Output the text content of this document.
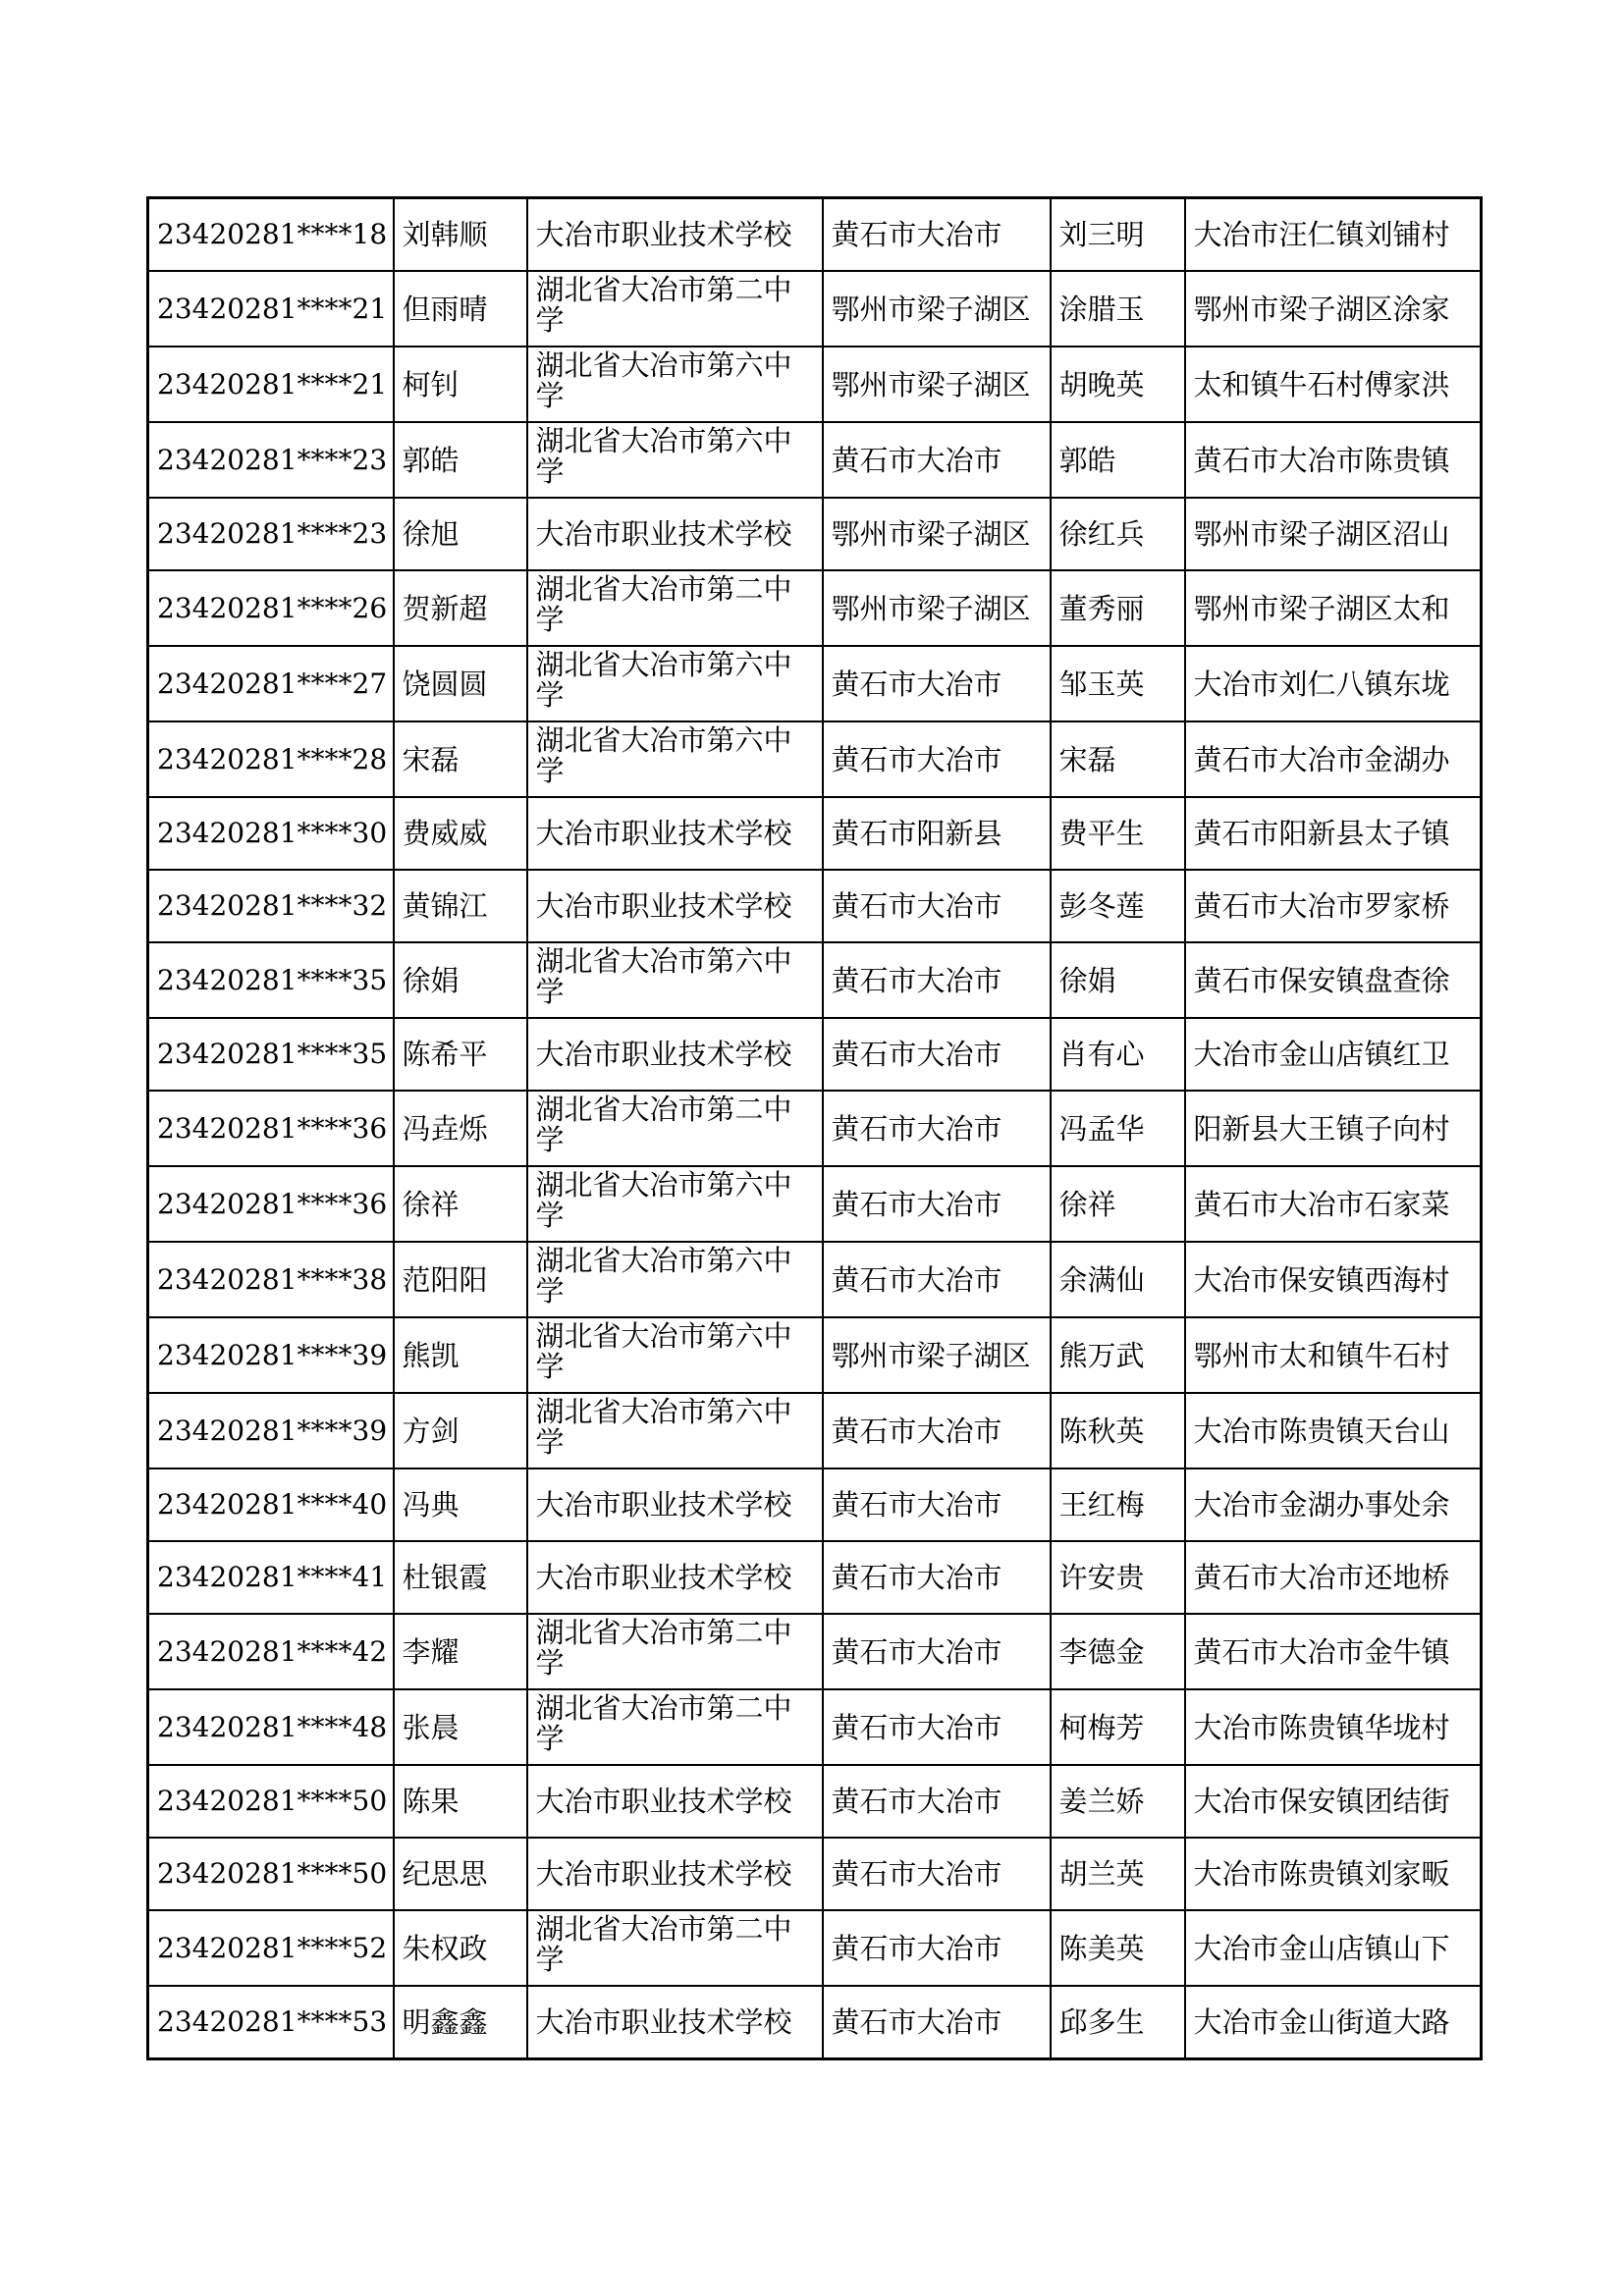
23420281****18	刘韩顺	大冶市职业技术学校	黄石市大冶市	刘三明	大冶市汪仁镇刘铺村
23420281****21	但雨晴	湖北省大冶市第二中学	鄂州市梁子湖区	涂腊玉	鄂州市梁子湖区涂家
23420281****21	柯钊	湖北省大冶市第六中学	鄂州市梁子湖区	胡晚英	太和镇牛石村傅家洪
23420281****23	郭皓	湖北省大冶市第六中学	黄石市大冶市	郭皓	黄石市大冶市陈贵镇
23420281****23	徐旭	大冶市职业技术学校	鄂州市梁子湖区	徐红兵	鄂州市梁子湖区沼山
23420281****26	贺新超	湖北省大冶市第二中学	鄂州市梁子湖区	董秀丽	鄂州市梁子湖区太和
23420281****27	饶圆圆	湖北省大冶市第六中学	黄石市大冶市	邹玉英	大冶市刘仁八镇东垅
23420281****28	宋磊	湖北省大冶市第六中学	黄石市大冶市	宋磊	黄石市大冶市金湖办
23420281****30	费威威	大冶市职业技术学校	黄石市阳新县	费平生	黄石市阳新县太子镇
23420281****32	黄锦江	大冶市职业技术学校	黄石市大冶市	彭冬莲	黄石市大冶市罗家桥
23420281****35	徐娟	湖北省大冶市第六中学	黄石市大冶市	徐娟	黄石市保安镇盘查徐
23420281****35	陈希平	大冶市职业技术学校	黄石市大冶市	肖有心	大冶市金山店镇红卫
23420281****36	冯垚烁	湖北省大冶市第二中学	黄石市大冶市	冯孟华	阳新县大王镇子向村
23420281****36	徐祥	湖北省大冶市第六中学	黄石市大冶市	徐祥	黄石市大冶市石家菜
23420281****38	范阳阳	湖北省大冶市第六中学	黄石市大冶市	余满仙	大冶市保安镇西海村
23420281****39	熊凯	湖北省大冶市第六中学	鄂州市梁子湖区	熊万武	鄂州市太和镇牛石村
23420281****39	方剑	湖北省大冶市第六中学	黄石市大冶市	陈秋英	大冶市陈贵镇天台山
23420281****40	冯典	大冶市职业技术学校	黄石市大冶市	王红梅	大冶市金湖办事处余
23420281****41	杜银霞	大冶市职业技术学校	黄石市大冶市	许安贵	黄石市大冶市还地桥
23420281****42	李耀	湖北省大冶市第二中学	黄石市大冶市	李德金	黄石市大冶市金牛镇
23420281****48	张晨	湖北省大冶市第二中学	黄石市大冶市	柯梅芳	大冶市陈贵镇华垅村
23420281****50	陈果	大冶市职业技术学校	黄石市大冶市	姜兰娇	大冶市保安镇团结街
23420281****50	纪思思	大冶市职业技术学校	黄石市大冶市	胡兰英	大冶市陈贵镇刘家畈
23420281****52	朱权政	湖北省大冶市第二中学	黄石市大冶市	陈美英	大冶市金山店镇山下
23420281****53	明鑫鑫	大冶市职业技术学校	黄石市大冶市	邱多生	大冶市金山街道大路
